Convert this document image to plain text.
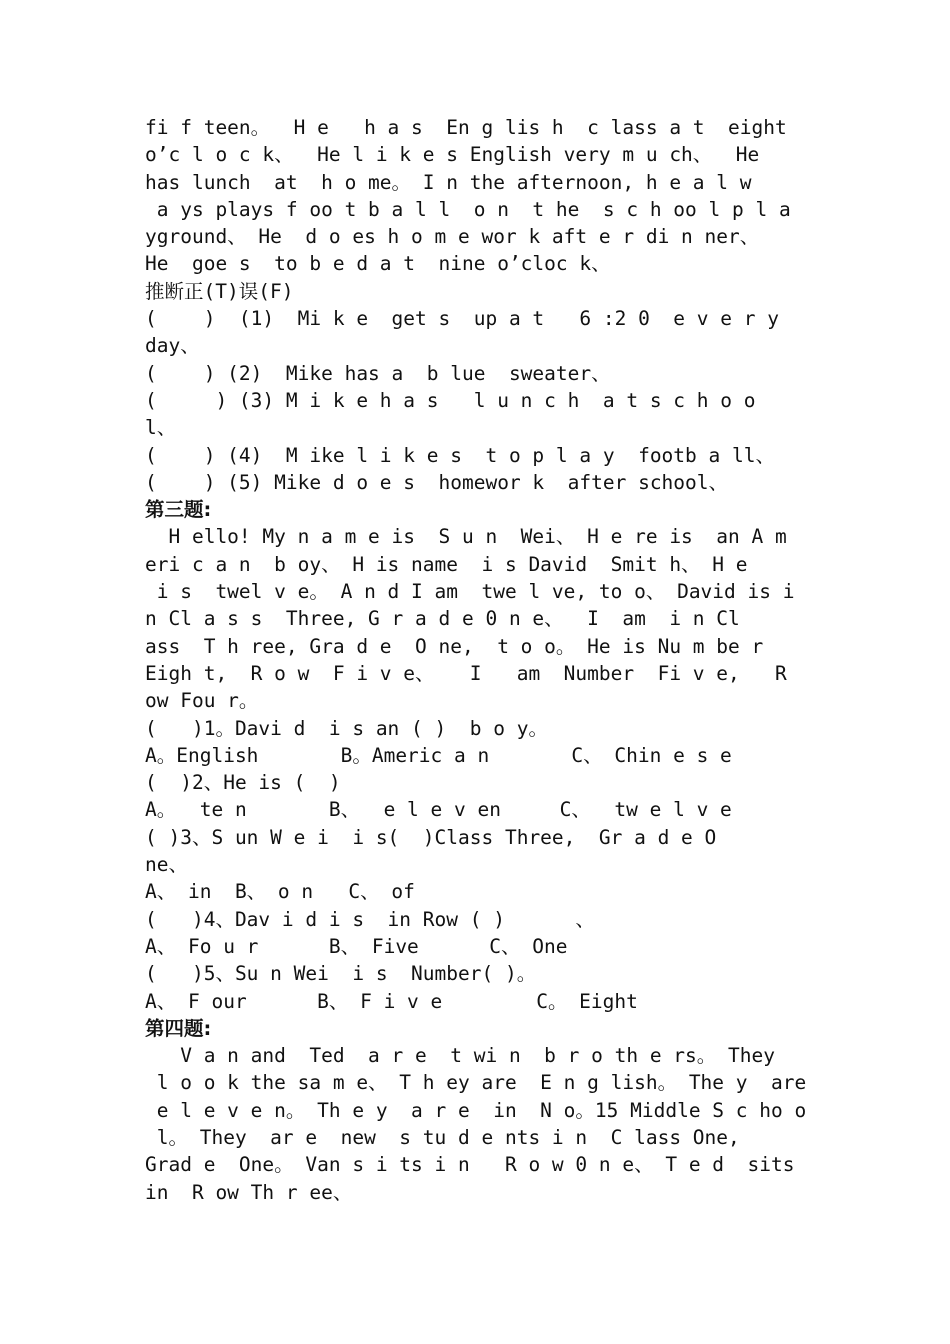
fi f teen。  H e   h a s  En g lis h  c lass a t  eight
o’c l o c k、  He l i k e s English very m u ch、  He
has lunch  at  h o me。 I n the afternoon, h e a l w
a ys plays f oo t b a l l  o n  t he  s c h oo l p l a
yground、 He  d o es h o m e wor k aft e r di n ner、
He  goe s  to b e d a t  nine o’cloc k、
推断正(T)误(F)
(    )  (1)  Mi k e  get s  up a t   6 :2 0  e v e r y
day、
(    ) (2)  Mike has a  b lue  sweater、
(     ) (3) M i k e h a s   l u n c h  a t s c h o o
l、
(    ) (4)  M ike l i k e s  t o p l a y  footb a ll、
(    ) (5) Mike d o e s  homewor k  after school、
第三题:
H ello! My n a m e is  S u n  Wei、 H e re is  an A m
eri c a n  b oy、 H is name  i s David  Smit h、 H e
i s  twel v e。 A n d I am  twe l ve, to o、 David is i
n Cl a s s  Three, G r a d e 0 n e、  I  am  i n Cl
ass  T h ree, Gra d e  O ne,  t o o。 He is Nu m be r
Eigh t,  R o w  F i v e、   I   am  Number  Fi v e,   R
ow Fou r。
(   )1。Davi d  i s an ( )  b o y。
A。English       B。Americ a n       C、 Chin e s e
(  )2、He is (  )
A。  te n       B、  e l e v en     C、  tw e l v e
( )3、S un W e i  i s(  )Class Three,  Gr a d e O
ne、
A、 in  B、 o n   C、 of
(   )4、Dav i d i s  in Row ( )      、
A、 Fo u r      B、 Five      C、 One
(   )5、Su n Wei  i s  Number( )。
A、 F our      B、 F i v e        C。 Eight
第四题:
V a n and  Ted  a r e  t wi n  b r o th e rs。 They
l o o k the sa m e、 T h ey are  E n g lish。 The y  are
e l e v e n。 Th e y  a r e  in  N o。15 Middle S c ho o
l。 They  ar e  new  s tu d e nts i n  C lass One,
Grad e  One。 Van s i ts i n   R o w 0 n e、 T e d  sits
in  R ow Th r ee、
